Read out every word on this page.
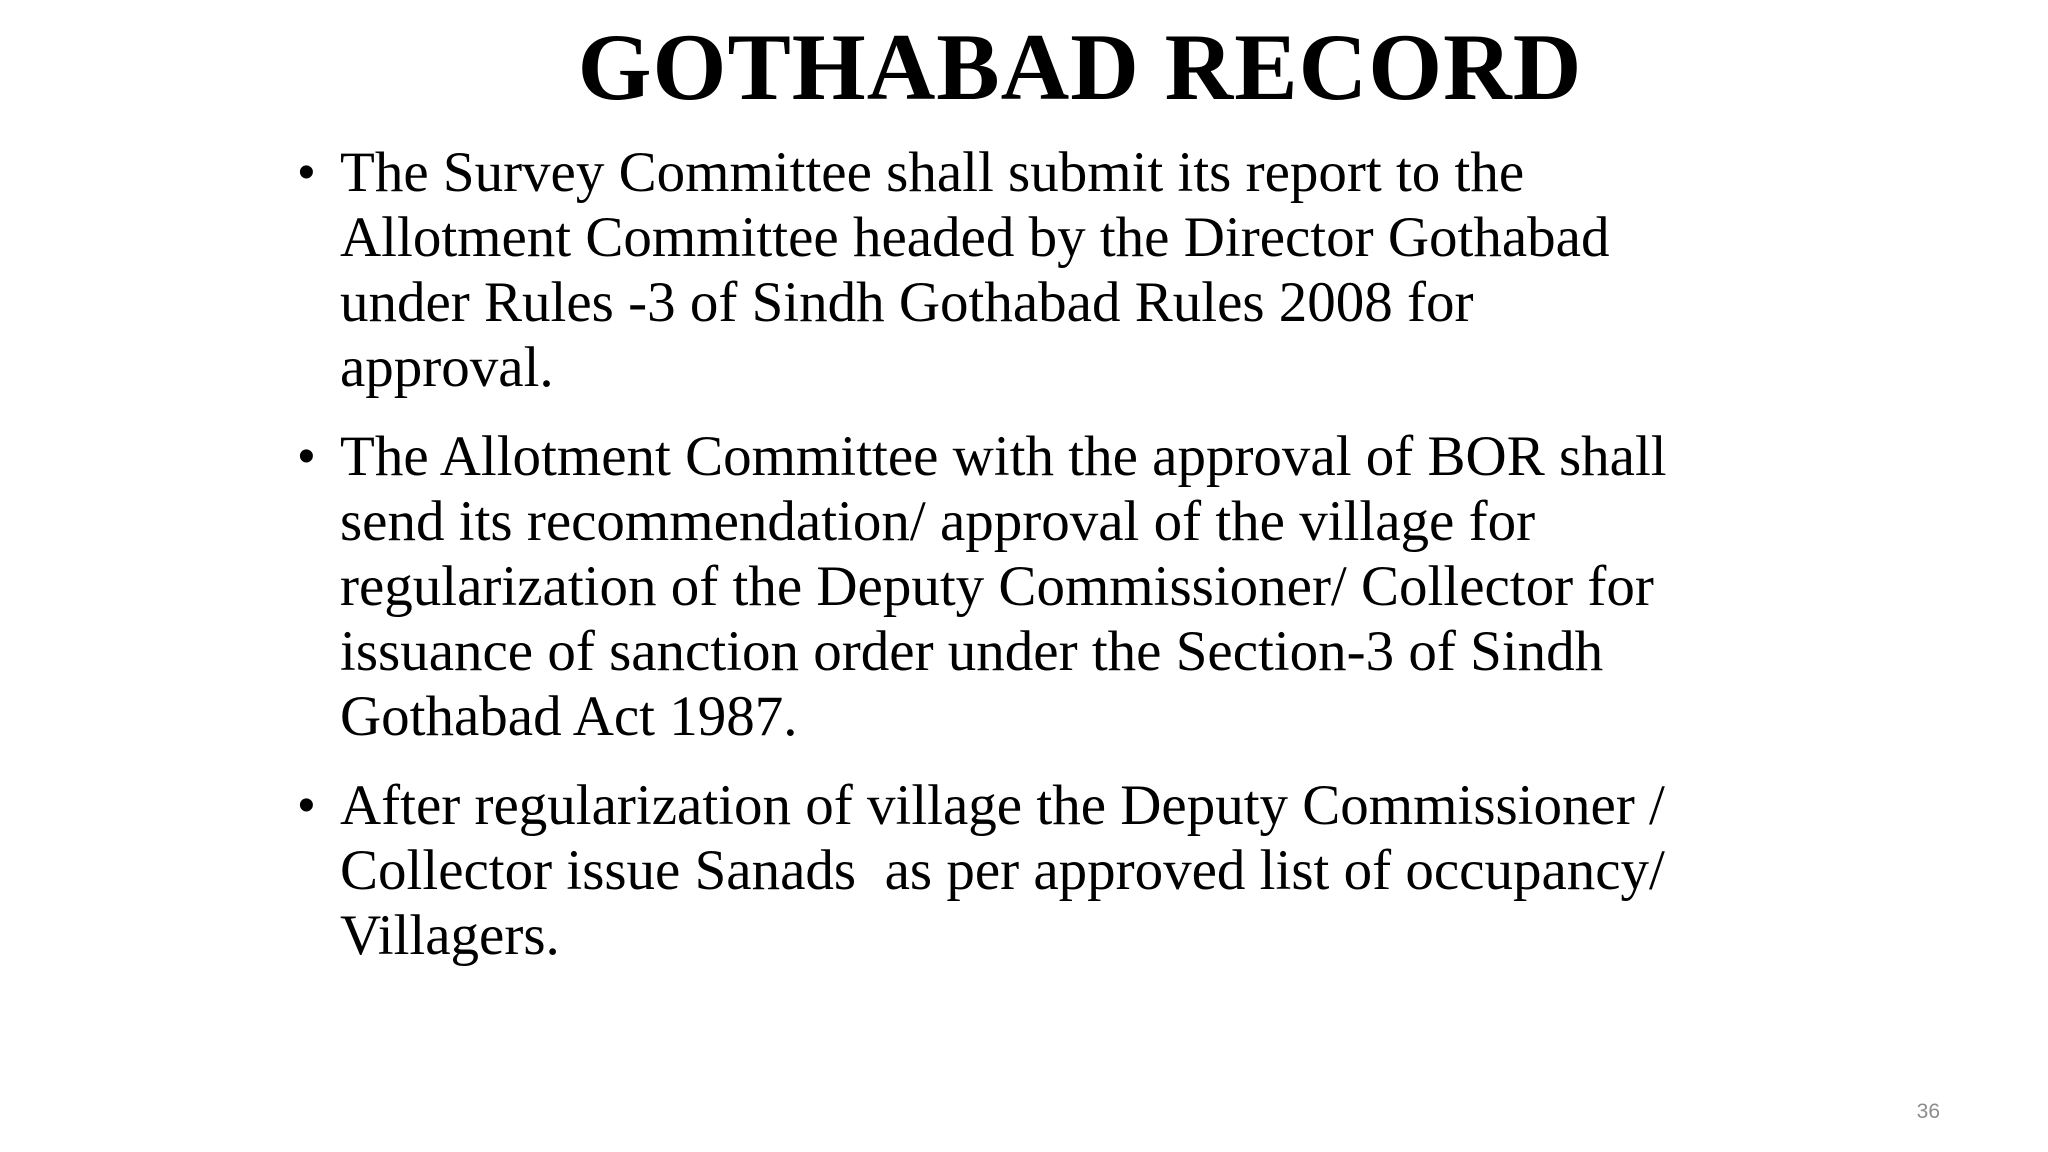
GOTHABAD RECORD
• The Survey Committee shall submit its report to the
Allotment Committee headed by the Director Gothabad
under Rules -3 of Sindh Gothabad Rules 2008 for
approval.
• The Allotment Committee with the approval of BOR shall
send its recommendation/ approval of the village for
regularization of the Deputy Commissioner/ Collector for
issuance of sanction order under the Section-3 of Sindh
Gothabad Act 1987.
• After regularization of village the Deputy Commissioner /
Collector issue Sanads  as per approved list of occupancy/
Villagers.
36
